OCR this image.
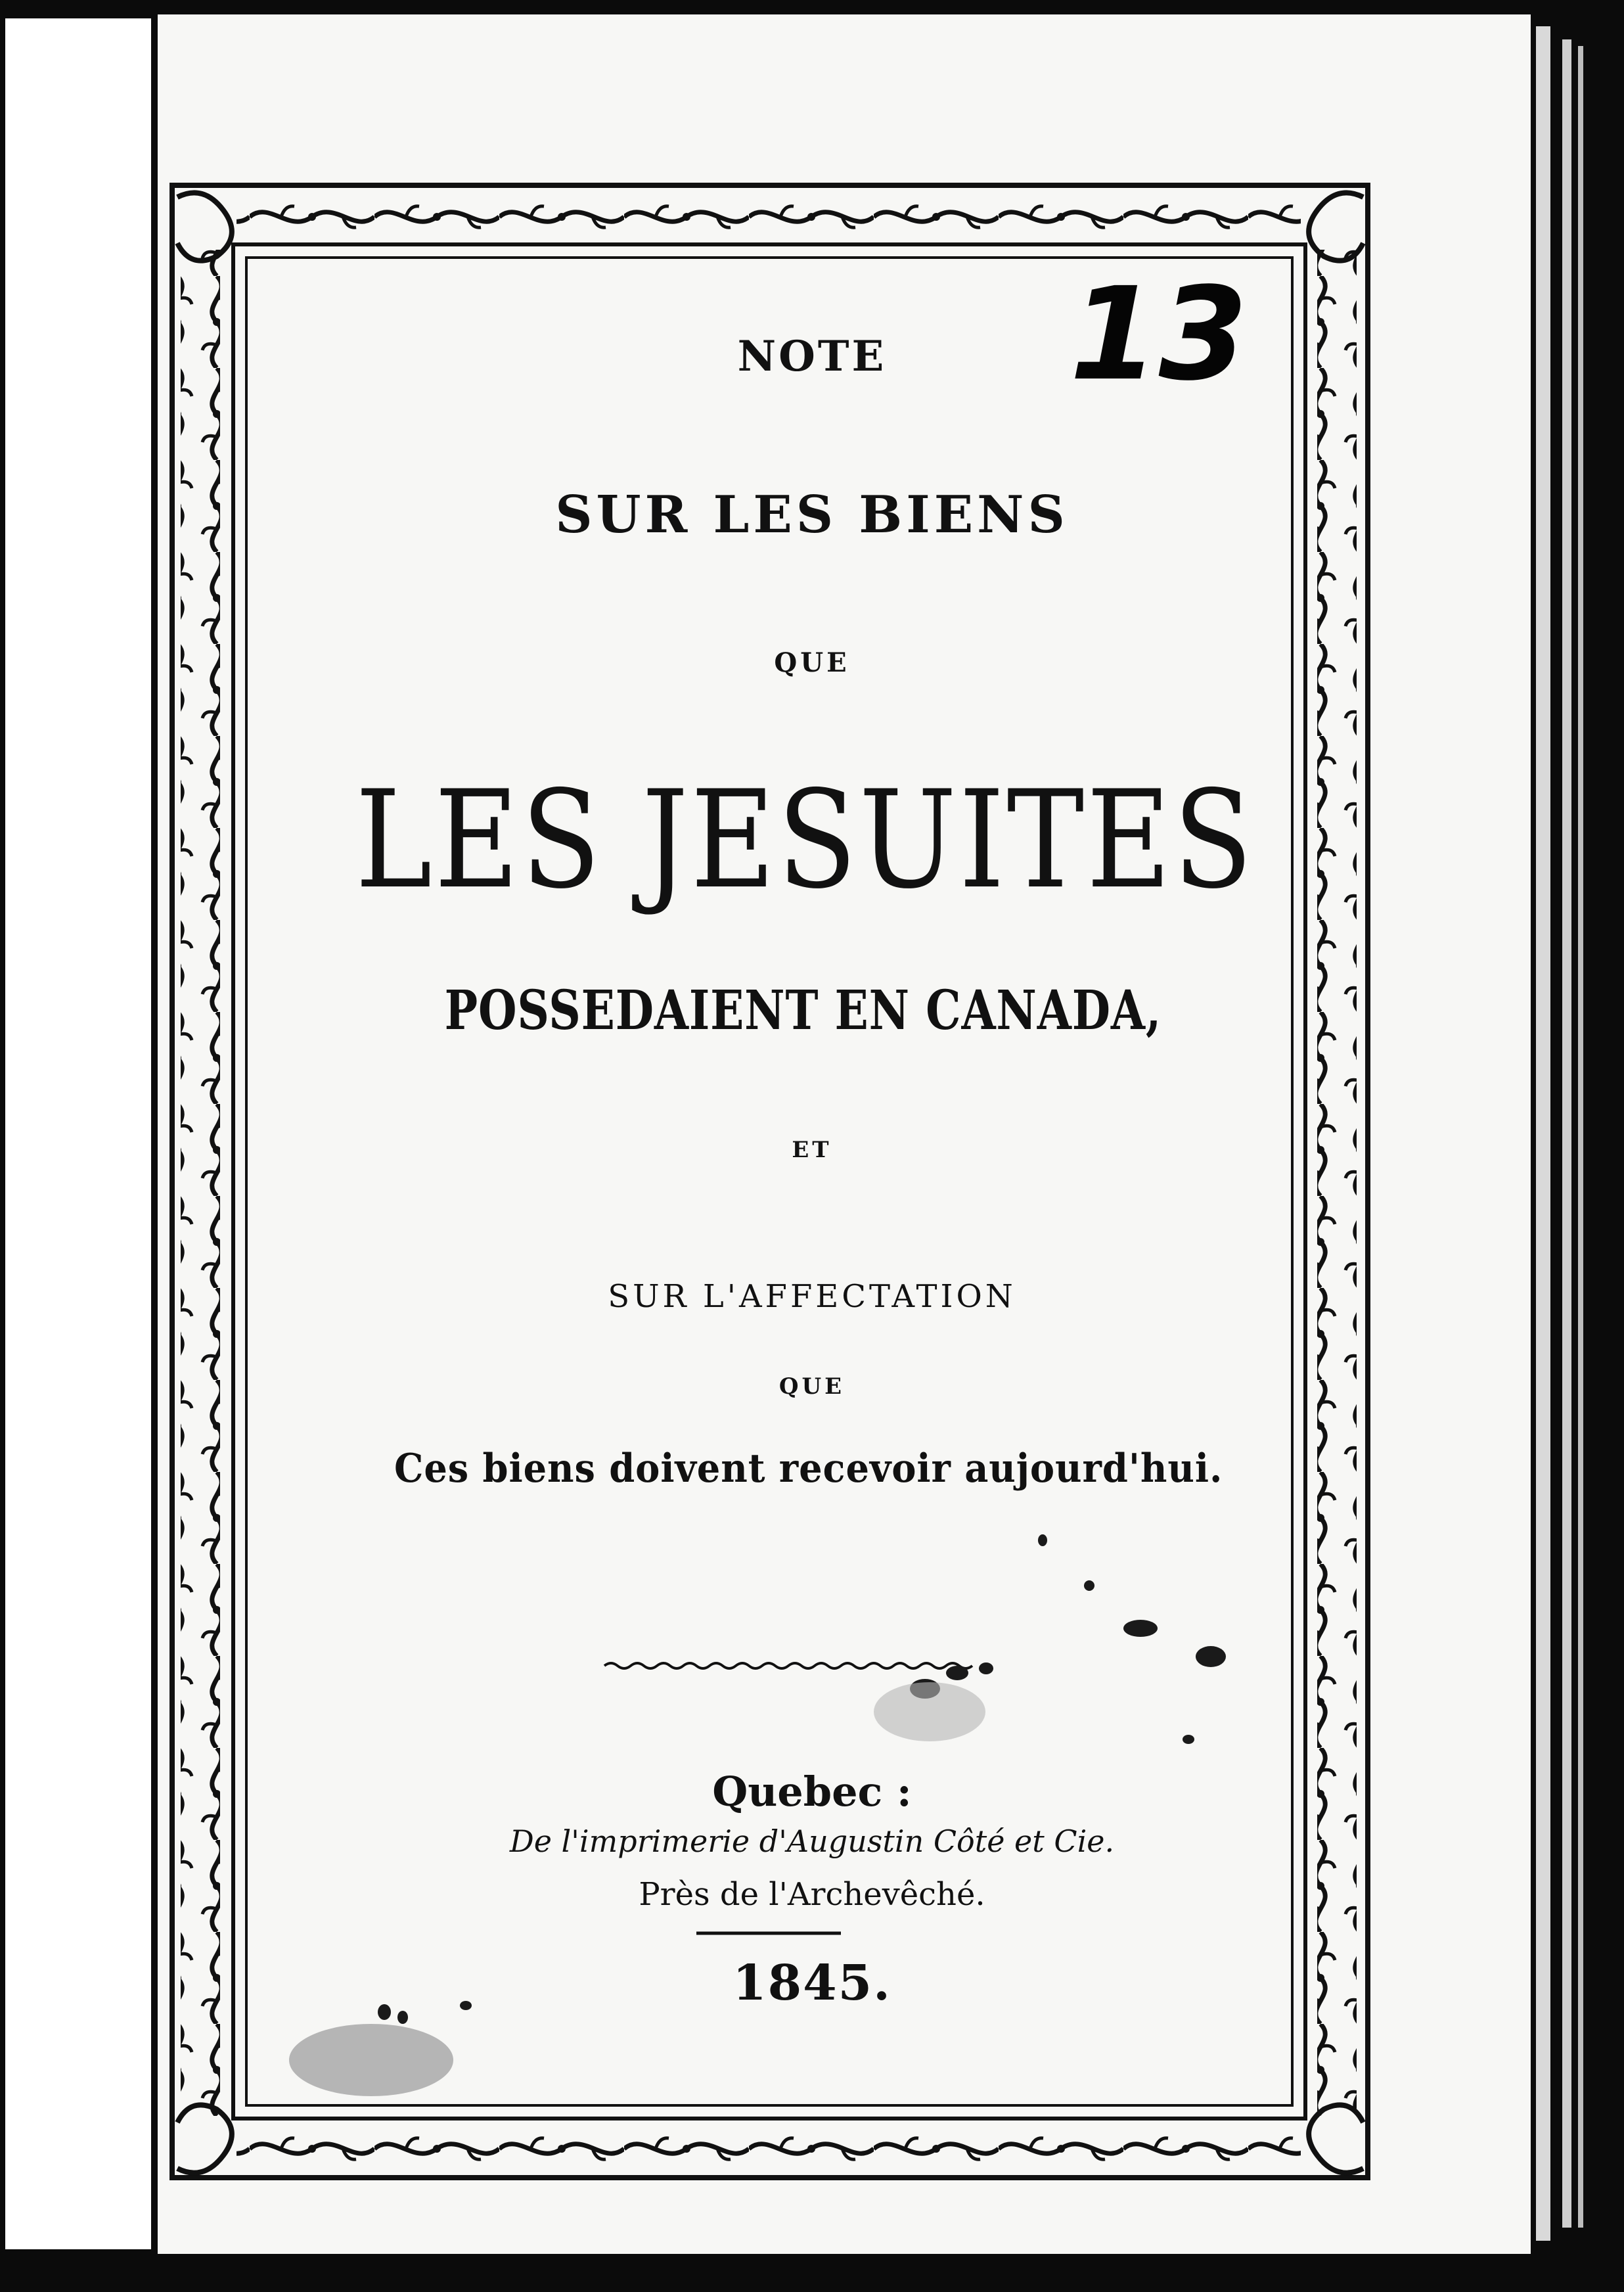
NOTE
SUR LES BIENS
QUE
LES JESUITES
POSSEDAIENT EN CANADA,
ET
SUR L'AFFECTATION
QUE
Ces biens doivent recevoir aujourd'hui.
Quebec :
De l'imprimerie d'Augustin Côté et Cie.
Près de l'Archevêché.
1845.
13
